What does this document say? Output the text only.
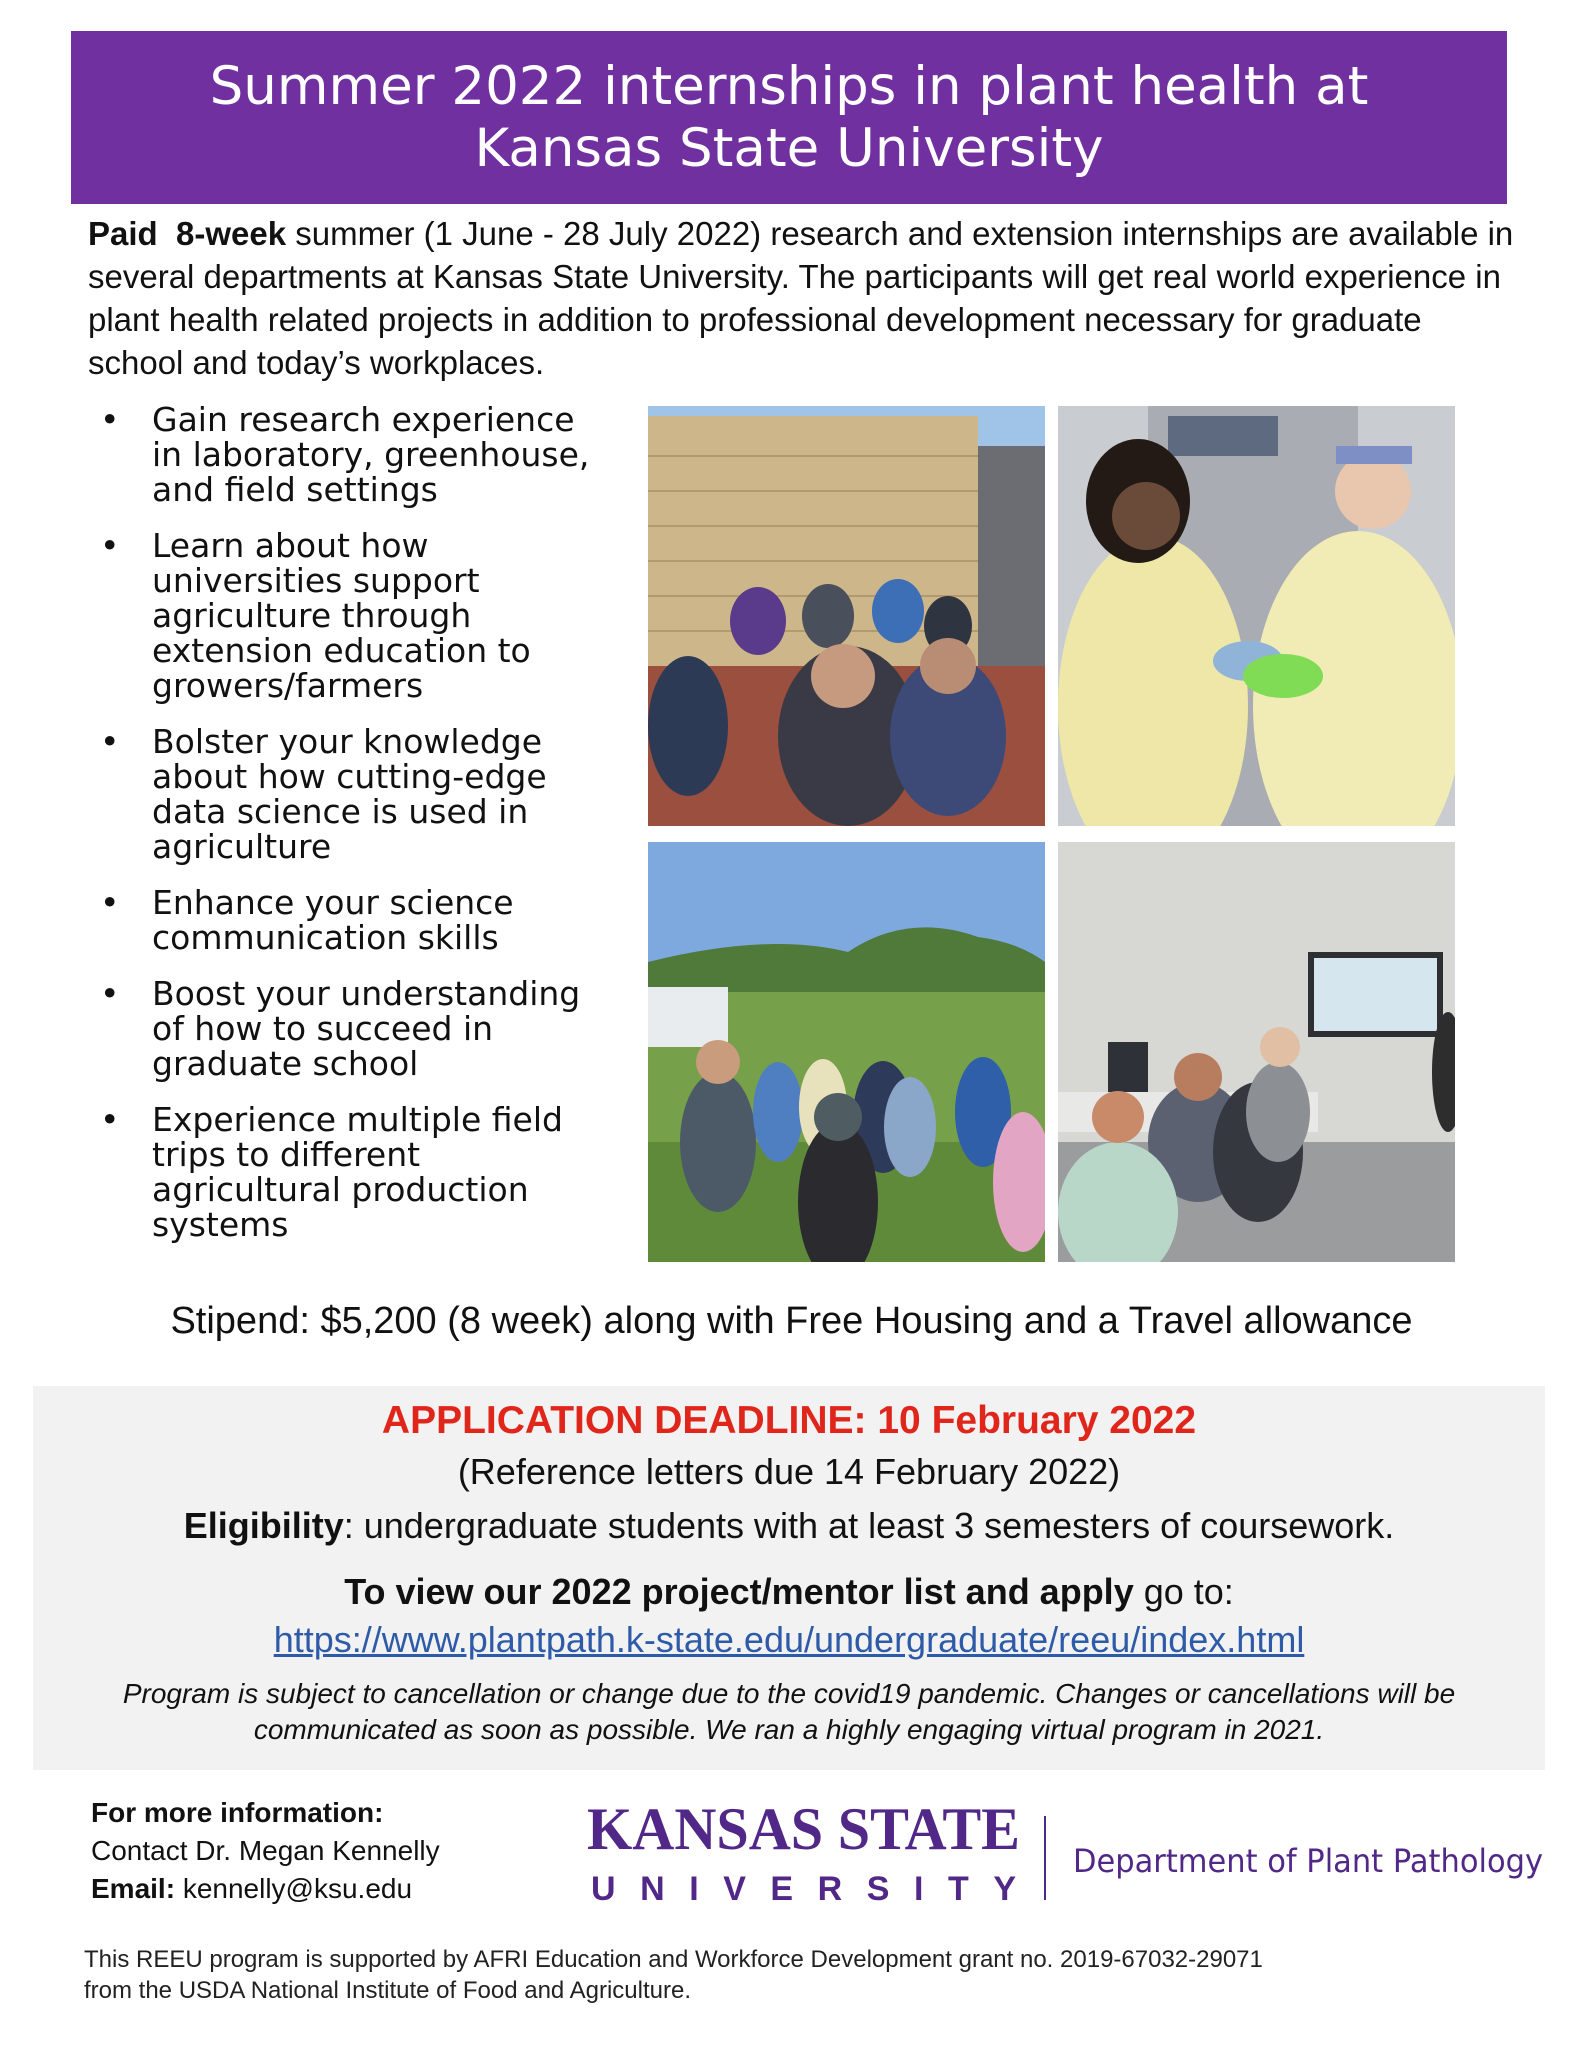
Summer 2022 internships in plant health at
Kansas State University
Paid 8-week summer (1 June - 28 July 2022) research and extension internships are available in several departments at Kansas State University. The participants will get real world experience in plant health related projects in addition to professional development necessary for graduate school and today’s workplaces.
• Gain research experience
in laboratory, greenhouse,
and field settings
• Learn about how
universities support
agriculture through
extension education to
growers/farmers
• Bolster your knowledge
about how cutting-edge
data science is used in
agriculture
• Enhance your science
communication skills
• Boost your understanding
of how to succeed in
graduate school
• Experience multiple field
trips to different
agricultural production
systems
Stipend: $5,200 (8 week) along with Free Housing and a Travel allowance
APPLICATION DEADLINE: 10 February 2022
(Reference letters due 14 February 2022)
Eligibility: undergraduate students with at least 3 semesters of coursework.
To view our 2022 project/mentor list and apply go to:
https://www.plantpath.k-state.edu/undergraduate/reeu/index.html
Program is subject to cancellation or change due to the covid19 pandemic. Changes or cancellations will be
communicated as soon as possible. We ran a highly engaging virtual program in 2021.
For more information:
Contact Dr. Megan Kennelly
Email: kennelly@ksu.edu
KANSAS STATE
UNIVERSITY
Department of Plant Pathology
This REEU program is supported by AFRI Education and Workforce Development grant no. 2019-67032-29071
from the USDA National Institute of Food and Agriculture.
